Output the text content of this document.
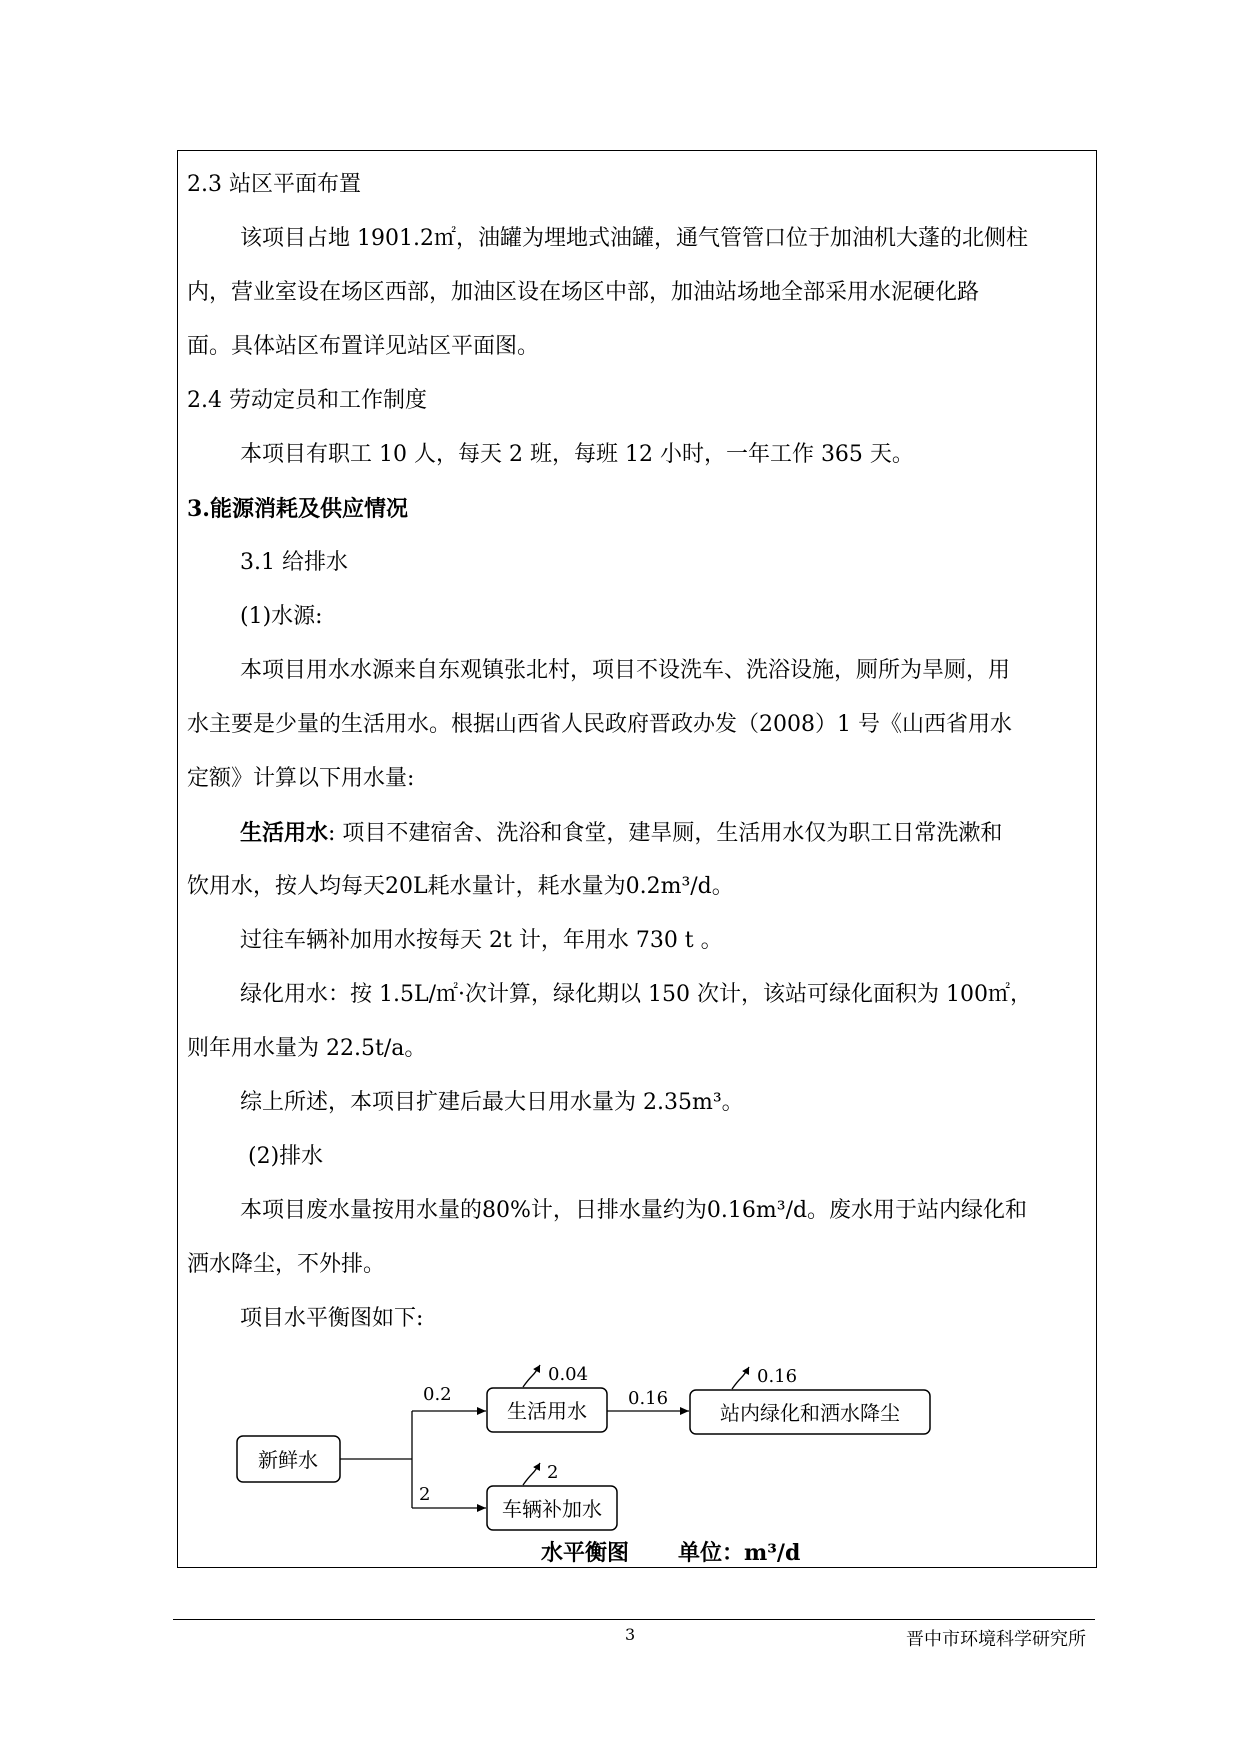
2.3 站区平面布置
该项目占地 1901.2㎡，油罐为埋地式油罐，通气管管口位于加油机大蓬的北侧柱
内，营业室设在场区西部，加油区设在场区中部，加油站场地全部采用水泥硬化路
面。具体站区布置详见站区平面图。
2.4 劳动定员和工作制度
本项目有职工 10 人，每天 2 班，每班 12 小时，一年工作 365 天。
3.能源消耗及供应情况
3.1 给排水
(1)水源:
本项目用水水源来自东观镇张北村，项目不设洗车、洗浴设施，厕所为旱厕，用
水主要是少量的生活用水。根据山西省人民政府晋政办发（2008）1 号《山西省用水
定额》计算以下用水量:
生活用水: 项目不建宿舍、洗浴和食堂，建旱厕，生活用水仅为职工日常洗漱和
饮用水，按人均每天20L耗水量计，耗水量为0.2m³/d。
过往车辆补加用水按每天 2t 计，年用水 730 t 。
绿化用水：按 1.5L/㎡·次计算，绿化期以 150 次计，该站可绿化面积为 100㎡，
则年用水量为 22.5t/a。
综上所述，本项目扩建后最大日用水量为 2.35m³。
(2)排水
本项目废水量按用水量的80%计，日排水量约为0.16m³/d。废水用于站内绿化和
洒水降尘，不外排。
项目水平衡图如下:
新鲜水
生活用水	站内绿化和洒水降尘
车辆补加水
0.2
2
0.16
0.04	0.16
2
水平衡图 单位：m³/d
3	晋中市环境科学研究所
